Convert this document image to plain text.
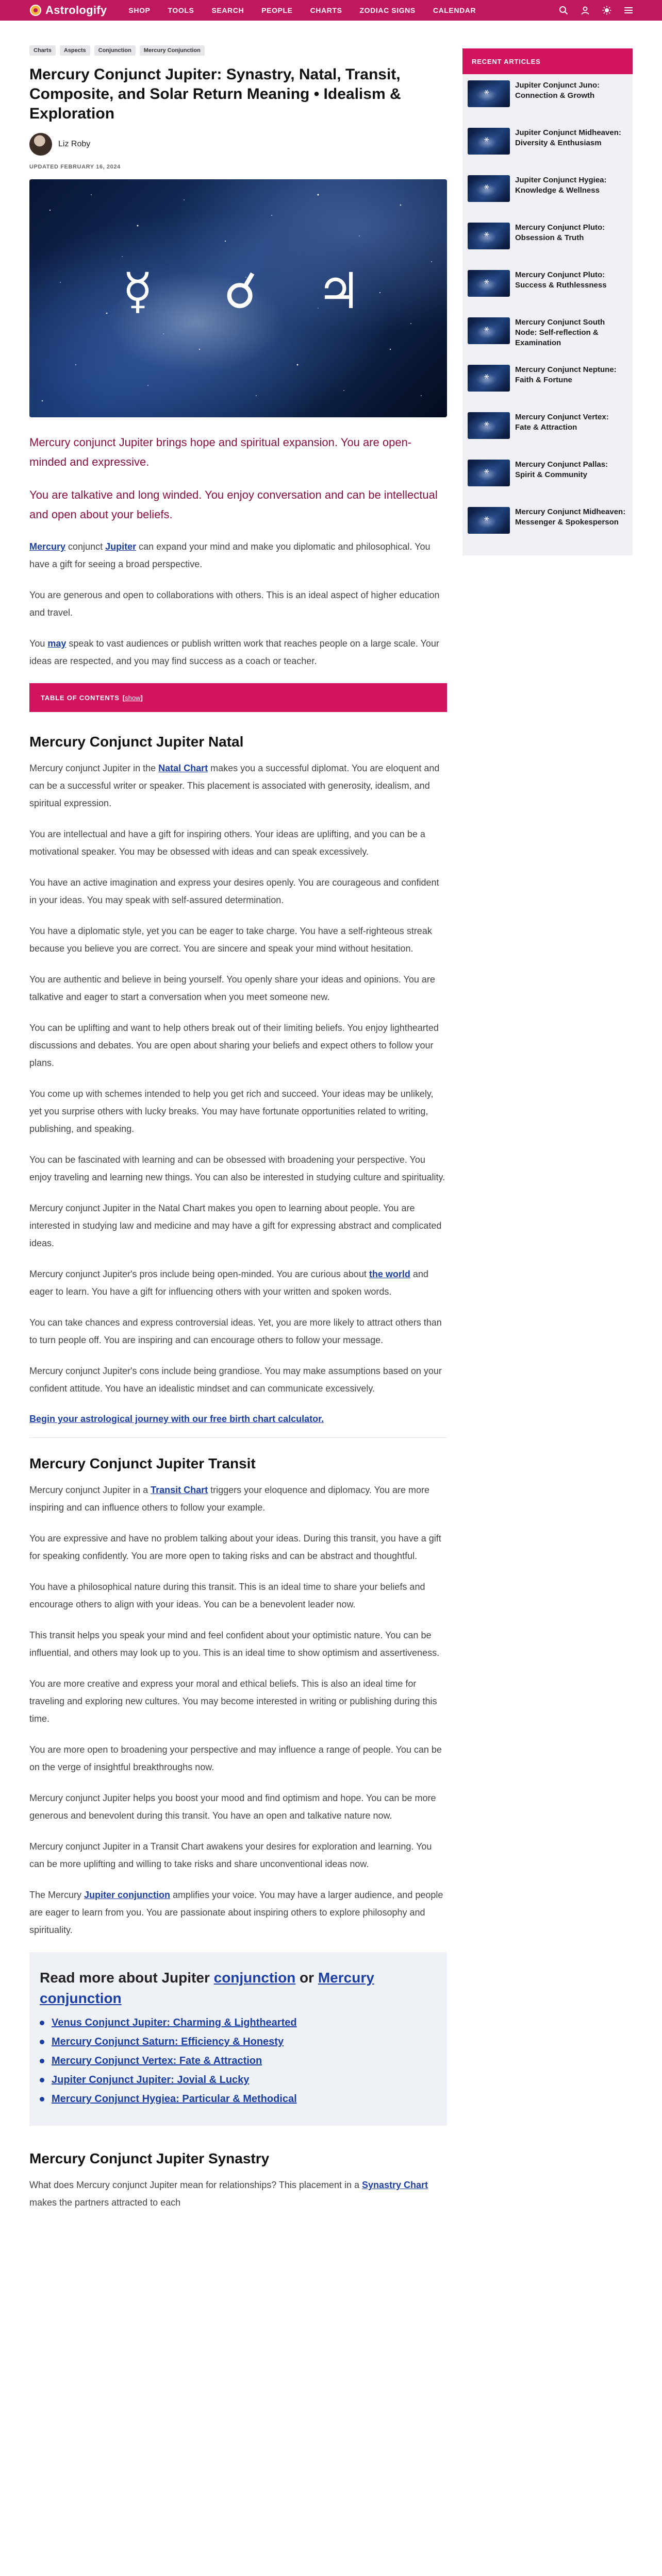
Astrologify	SHOP TOOLS SEARCH PEOPLE CHARTS ZODIAC SIGNS CALENDAR
Charts	Aspects	Conjunction	Mercury Conjunction
Mercury Conjunct Jupiter: Synastry, Natal, Transit, Composite, and Solar Return Meaning • Idealism & Exploration
Liz Roby
UPDATED FEBRUARY 16, 2024
☿ ☌ ♃

Mercury conjunct Jupiter brings hope and spiritual expansion. You are open-minded and expressive.

You are talkative and long winded. You enjoy conversation and can be intellectual and open about your beliefs.

Mercury conjunct Jupiter can expand your mind and make you diplomatic and philosophical. You have a gift for seeing a broad perspective.

You are generous and open to collaborations with others. This is an ideal aspect of higher education and travel.

You may speak to vast audiences or publish written work that reaches people on a large scale. Your ideas are respected, and you may find success as a coach or teacher.

TABLE OF CONTENTS [show]
Mercury Conjunct Jupiter Natal

Mercury conjunct Jupiter in the Natal Chart makes you a successful diplomat. You are eloquent and can be a successful writer or speaker. This placement is associated with generosity, idealism, and spiritual expression.

You are intellectual and have a gift for inspiring others. Your ideas are uplifting, and you can be a motivational speaker. You may be obsessed with ideas and can speak excessively.

You have an active imagination and express your desires openly. You are courageous and confident in your ideas. You may speak with self-assured determination.

You have a diplomatic style, yet you can be eager to take charge. You have a self-righteous streak because you believe you are correct. You are sincere and speak your mind without hesitation.

You are authentic and believe in being yourself. You openly share your ideas and opinions. You are talkative and eager to start a conversation when you meet someone new.

You can be uplifting and want to help others break out of their limiting beliefs. You enjoy lighthearted discussions and debates. You are open about sharing your beliefs and expect others to follow your plans.

You come up with schemes intended to help you get rich and succeed. Your ideas may be unlikely, yet you surprise others with lucky breaks. You may have fortunate opportunities related to writing, publishing, and speaking.

You can be fascinated with learning and can be obsessed with broadening your perspective. You enjoy traveling and learning new things. You can also be interested in studying culture and spirituality.

Mercury conjunct Jupiter in the Natal Chart makes you open to learning about people. You are interested in studying law and medicine and may have a gift for expressing abstract and complicated ideas.

Mercury conjunct Jupiter's pros include being open-minded. You are curious about the world and eager to learn. You have a gift for influencing others with your written and spoken words.

You can take chances and express controversial ideas. Yet, you are more likely to attract others than to turn people off. You are inspiring and can encourage others to follow your message.

Mercury conjunct Jupiter's cons include being grandiose. You may make assumptions based on your confident attitude. You have an idealistic mindset and can communicate excessively.

Begin your astrological journey with our free birth chart calculator.

Mercury Conjunct Jupiter Transit

Mercury conjunct Jupiter in a Transit Chart triggers your eloquence and diplomacy. You are more inspiring and can influence others to follow your example.

You are expressive and have no problem talking about your ideas. During this transit, you have a gift for speaking confidently. You are more open to taking risks and can be abstract and thoughtful.

You have a philosophical nature during this transit. This is an ideal time to share your beliefs and encourage others to align with your ideas. You can be a benevolent leader now.

This transit helps you speak your mind and feel confident about your optimistic nature. You can be influential, and others may look up to you. This is an ideal time to show optimism and assertiveness.

You are more creative and express your moral and ethical beliefs. This is also an ideal time for traveling and exploring new cultures. You may become interested in writing or publishing during this time.

You are more open to broadening your perspective and may influence a range of people. You can be on the verge of insightful breakthroughs now.

Mercury conjunct Jupiter helps you boost your mood and find optimism and hope. You can be more generous and benevolent during this transit. You have an open and talkative nature now.

Mercury conjunct Jupiter in a Transit Chart awakens your desires for exploration and learning. You can be more uplifting and willing to take risks and share unconventional ideas now.

The Mercury Jupiter conjunction amplifies your voice. You may have a larger audience, and people are eager to learn from you. You are passionate about inspiring others to explore philosophy and spirituality.

Read more about Jupiter conjunction or Mercury conjunction
Venus Conjunct Jupiter: Charming & Lighthearted
Mercury Conjunct Saturn: Efficiency & Honesty
Mercury Conjunct Vertex: Fate & Attraction
Jupiter Conjunct Jupiter: Jovial & Lucky
Mercury Conjunct Hygiea: Particular & Methodical
Mercury Conjunct Jupiter Synastry

What does Mercury conjunct Jupiter mean for relationships? This placement in a Synastry Chart makes the partners attracted to each

RECENT ARTICLES
⚹
Jupiter Conjunct Juno: Connection & Growth
⚹
Jupiter Conjunct Midheaven: Diversity & Enthusiasm
⚹
Jupiter Conjunct Hygiea: Knowledge & Wellness
⚹
Mercury Conjunct Pluto: Obsession & Truth
⚹
Mercury Conjunct Pluto: Success & Ruthlessness
⚹
Mercury Conjunct South Node: Self-reflection & Examination
⚹
Mercury Conjunct Neptune: Faith & Fortune
⚹
Mercury Conjunct Vertex: Fate & Attraction
⚹
Mercury Conjunct Pallas: Spirit & Community
⚹
Mercury Conjunct Midheaven: Messenger & Spokesperson
